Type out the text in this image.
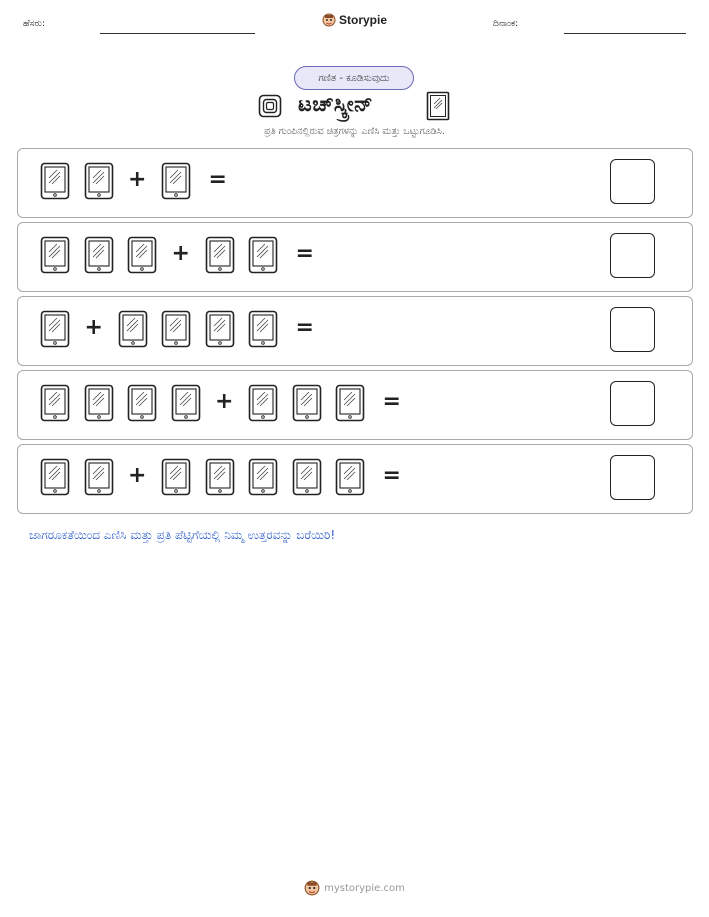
ಹೆಸರು:	Storypie	ದಿನಾಂಕ:
ಗಣಿತ - ಕೂಡಿಸುವುದು
ಟಚ್‌ಸ್ಕ್ರೀನ್
ಪ್ರತಿ ಗುಂಪಿನಲ್ಲಿರುವ ಚಿತ್ರಗಳನ್ನು ಎಣಿಸಿ ಮತ್ತು ಒಟ್ಟುಗೂಡಿಸಿ.
+	=
+	=
+	=
+	=
+	=
ಜಾಗರೂಕತೆಯಿಂದ ಎಣಿಸಿ ಮತ್ತು ಪ್ರತಿ ಪೆಟ್ಟಿಗೆಯಲ್ಲಿ ನಿಮ್ಮ ಉತ್ತರವನ್ನು ಬರೆಯಿರಿ!
mystorypie.com
